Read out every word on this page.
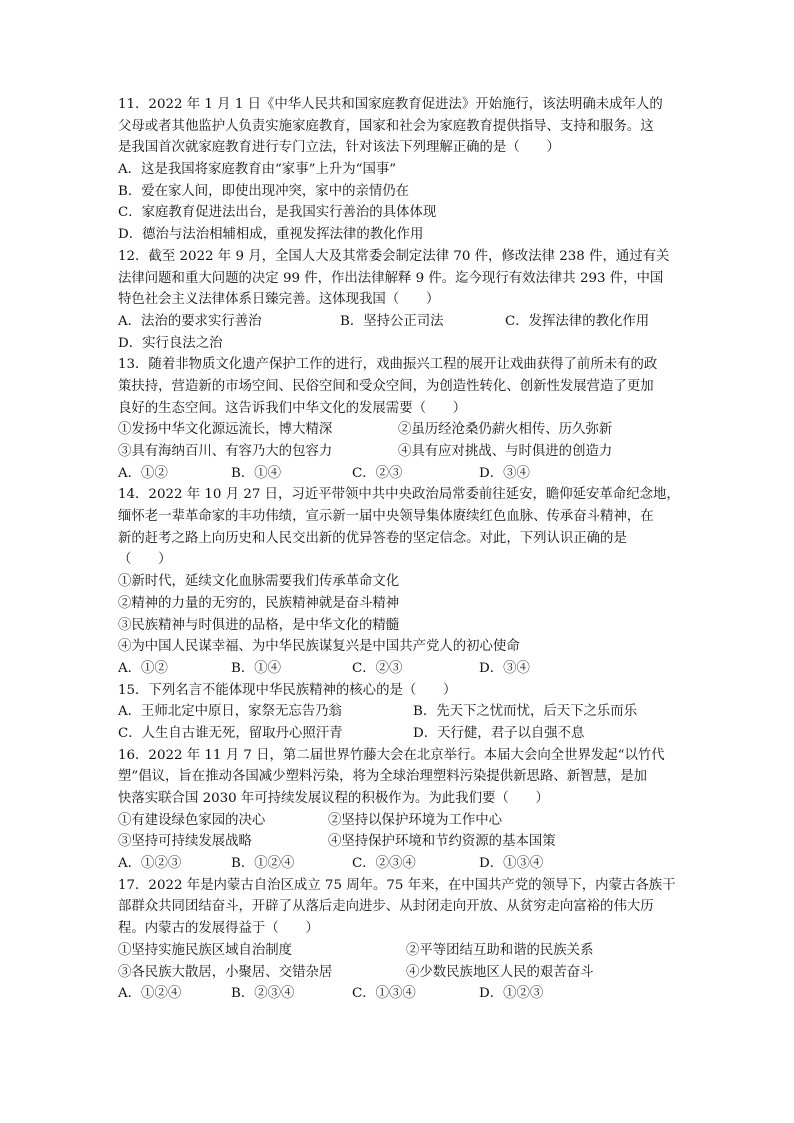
11．2022 年 1 月 1 日《中华人民共和国家庭教育促进法》开始施行，该法明确未成年人的
父母或者其他监护人负责实施家庭教育，国家和社会为家庭教育提供指导、支持和服务。这
是我国首次就家庭教育进行专门立法，针对该法下列理解正确的是（　　）
A．这是我国将家庭教育由“家事”上升为“国事”
B．爱在家人间，即使出现冲突，家中的亲情仍在
C．家庭教育促进法出台，是我国实行善治的具体体现
D．德治与法治相辅相成，重视发挥法律的教化作用
12．截至 2022 年 9 月，全国人大及其常委会制定法律 70 件，修改法律 238 件，通过有关
法律问题和重大问题的决定 99 件，作出法律解释 9 件。迄今现行有效法律共 293 件，中国
特色社会主义法律体系日臻完善。这体现我国（　　）
A．法治的要求实行善治	B．坚持公正司法	C．发挥法律的教化作用
D．实行良法之治
13．随着非物质文化遗产保护工作的进行，戏曲振兴工程的展开让戏曲获得了前所未有的政
策扶持，营造新的市场空间、民俗空间和受众空间，为创造性转化、创新性发展营造了更加
良好的生态空间。这告诉我们中华文化的发展需要（　　）
①发扬中华文化源远流长，博大精深	②虽历经沧桑仍薪火相传、历久弥新
③具有海纳百川、有容乃大的包容力	④具有应对挑战、与时俱进的创造力
A．①②	B．①④	C．②③	D．③④
14．2022 年 10 月 27 日，习近平带领中共中央政治局常委前往延安，瞻仰延安革命纪念地，
缅怀老一辈革命家的丰功伟绩，宣示新一届中央领导集体赓续红色血脉、传承奋斗精神，在
新的赶考之路上向历史和人民交出新的优异答卷的坚定信念。对此，下列认识正确的是
（　　）
①新时代，延续文化血脉需要我们传承革命文化
②精神的力量的无穷的，民族精神就是奋斗精神
③民族精神与时俱进的品格，是中华文化的精髓
④为中国人民谋幸福、为中华民族谋复兴是中国共产党人的初心使命
A．①②	B．①④	C．②③	D．③④
15．下列名言不能体现中华民族精神的核心的是（　　）
A．王师北定中原日，家祭无忘告乃翁	B．先天下之忧而忧，后天下之乐而乐
C．人生自古谁无死，留取丹心照汗青	D．天行健，君子以自强不息
16．2022 年 11 月 7 日，第二届世界竹藤大会在北京举行。本届大会向全世界发起“以竹代
塑”倡议，旨在推动各国减少塑料污染，将为全球治理塑料污染提供新思路、新智慧，是加
快落实联合国 2030 年可持续发展议程的积极作为。为此我们要（　　）
①有建设绿色家园的决心	②坚持以保护环境为工作中心
③坚持可持续发展战略	④坚持保护环境和节约资源的基本国策
A．①②③	B．①②④	C．②③④	D．①③④
17．2022 年是内蒙古自治区成立 75 周年。75 年来，在中国共产党的领导下，内蒙古各族干
部群众共同团结奋斗，开辟了从落后走向进步、从封闭走向开放、从贫穷走向富裕的伟大历
程。内蒙古的发展得益于（　　）
①坚持实施民族区域自治制度	②平等团结互助和谐的民族关系
③各民族大散居，小聚居、交错杂居	④少数民族地区人民的艰苦奋斗
A．①②④	B．②③④	C．①③④	D．①②③
